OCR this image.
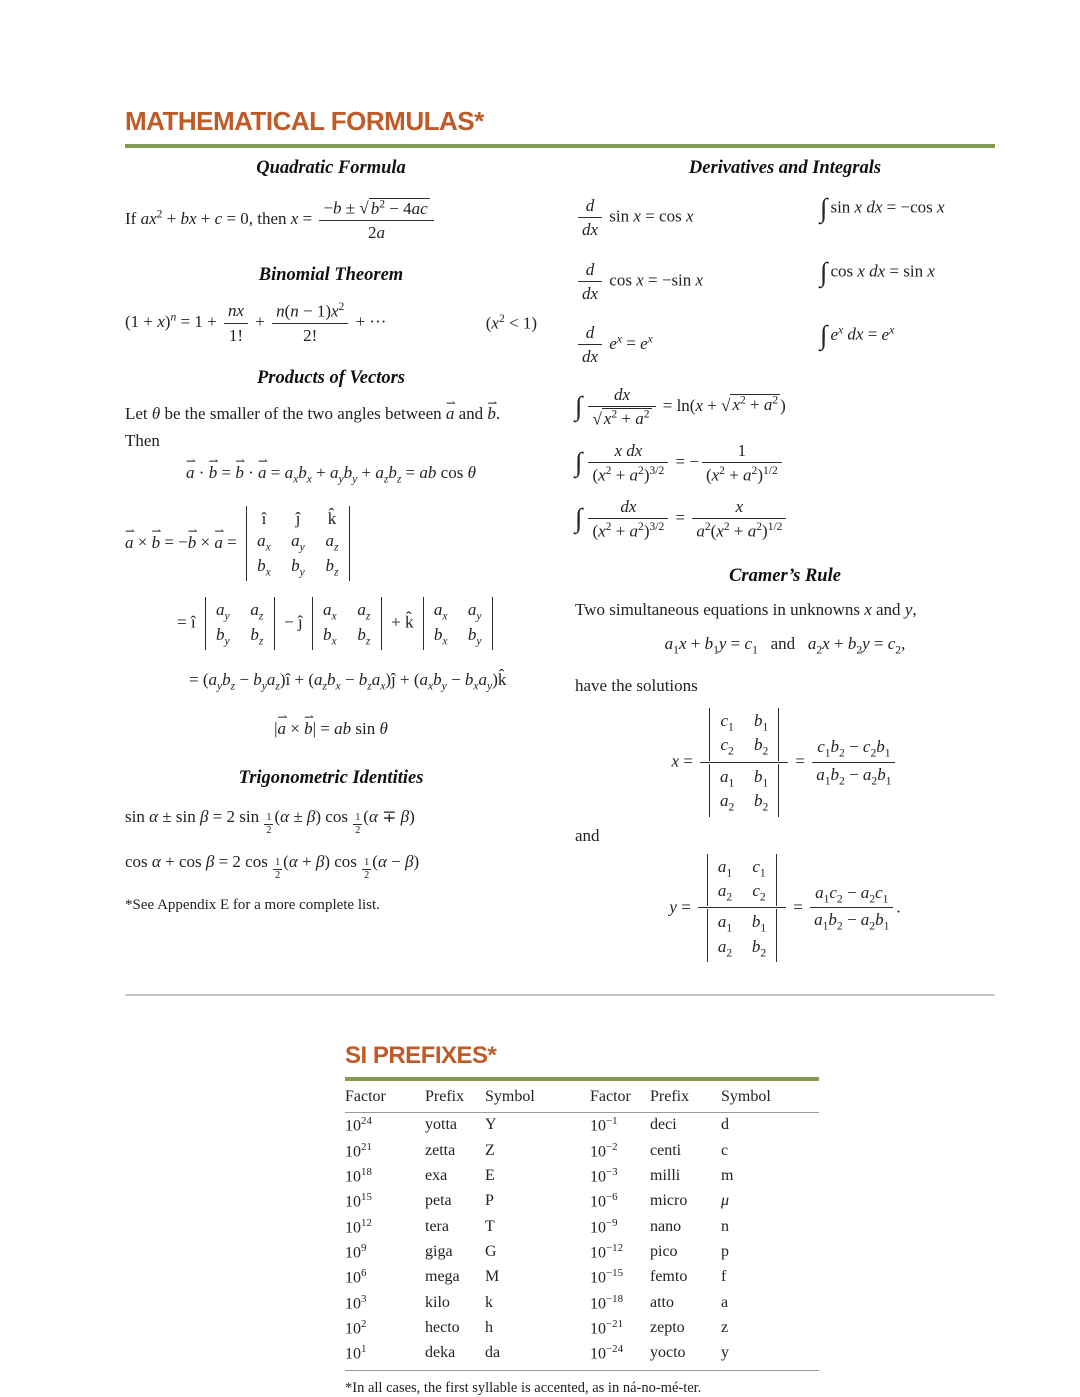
MATHEMATICAL FORMULAS*
Quadratic Formula
If $ax^2$ + bx + c = 0, then $x = \frac{-b \pm √ b^2 - 4ac}{2a}$
Binomial Theorem
$(1 + x)^n = 1 + \frac{nx}{1!} + \frac{n(n - 1)x^2}{2!}$ + ···	$(x^2 < 1)$
Products of Vectors
Let θ be the smaller of the two angles between a ⇀ and b ⇀.
Then
a ⇀ · b ⇀ = b ⇀ · a ⇀ = $a_xb_x + a_yb_y + a_zb_z$ = ab cos θ
a ⇀ × b ⇀ = −b ⇀ × a ⇀ =
î	ĵ	k̂
$a_x$ $a_y$ $a_z$
$b_x$ $b_y$ $b_z$
= î
$a_y$ $a_z$
$b_y$ $b_z$
− ĵ
$a_x$ $a_z$
$b_x$ $b_z$
+ k̂
$a_x$ $a_y$
$b_x$ $b_y$
= ($a_yb_z$ − $b_ya_z)î + (a_zb_x$ − $b_za_x)ĵ + (a_xb_y$ − $b_xa_y)k̂$
|a ⇀ × b ⇀| = ab sin θ
Trigonometric Identities
sin α ± sin β = 2 $\sin \frac{1}{2} (\alpha \pm \beta)$ $\cos \frac{1}{2} (\alpha \mp \beta)$
cos α + cos β = 2 $\cos \frac{1}{2} (\alpha + \beta)$ $\cos \frac{1}{2} (\alpha - \beta)$
*See Appendix E for a more complete list.
Derivatives and Integrals
$\frac{d}{dx}$ sin x = cos x	∫ sin x dx = −cos x
$\frac{d}{dx}$ cos x = −sin x	∫ cos x dx = sin x
$\frac{d}{dx} e^x = e^x$	∫ $e^x$ dx = $e^x$
∫ $\frac{dx}{√ x^2 + a^2} = \ln(x$ + √ $x^2 + a^2$ )
∫ $\frac{\text{x dx}}{(x^2 + a^2)^{3/2}}$ = − $\frac{1}{(x^2 + a^2)^{1/2}}$
∫ $\frac{dx}{(x^2 + a^2)^{3/2}} = \frac{x}{a^2(x^2 + a^2)^{1/2}}$
Cramer’s Rule
Two simultaneous equations in unknowns x and y,
$a_1x + b_1y = c_1$   and   $a_2x + b_2y = c_2$,
have the solutions
$x = c_1$ $b_1$
$c_2$ $b_2$
$a_1$ $b_1$
$a_2$ $b_2 = \frac{c_1b_2 - c_2b_1}{a_1b_2 - a_2b_1}$
and
$y = a_1$ $c_1$
$a_2$ $c_2$
$a_1$ $b_1$
$a_2$ $b_2 = \frac{a_1c_2 - a_2c_1}{a_1b_2 - a_2b_1}$ .
SI PREFIXES*
Factor	Prefix	Symbol	Factor	Prefix	Symbol
$10^{24}$	yotta	Y	$10^{-1}$	deci	d
$10^{21}$	zetta	Z	$10^{-2}$	centi	c
$10^{18}$	exa	E	$10^{-3}$	milli	m
$10^{15}$	peta	P	$10^{-6}$	micro	μ
$10^{12}$	tera	T	$10^{-9}$	nano	n
$10^9$	giga	G	$10^{-12}$	pico	p
$10^6$	mega	M	$10^{-15}$	femto	f
$10^3$	kilo	k	$10^{-18}$	atto	a
$10^2$	hecto	h	$10^{-21}$	zepto	z
$10^1$	deka	da	$10^{-24}$	yocto	y
*In all cases, the first syllable is accented, as in ná-no-mé-ter.
